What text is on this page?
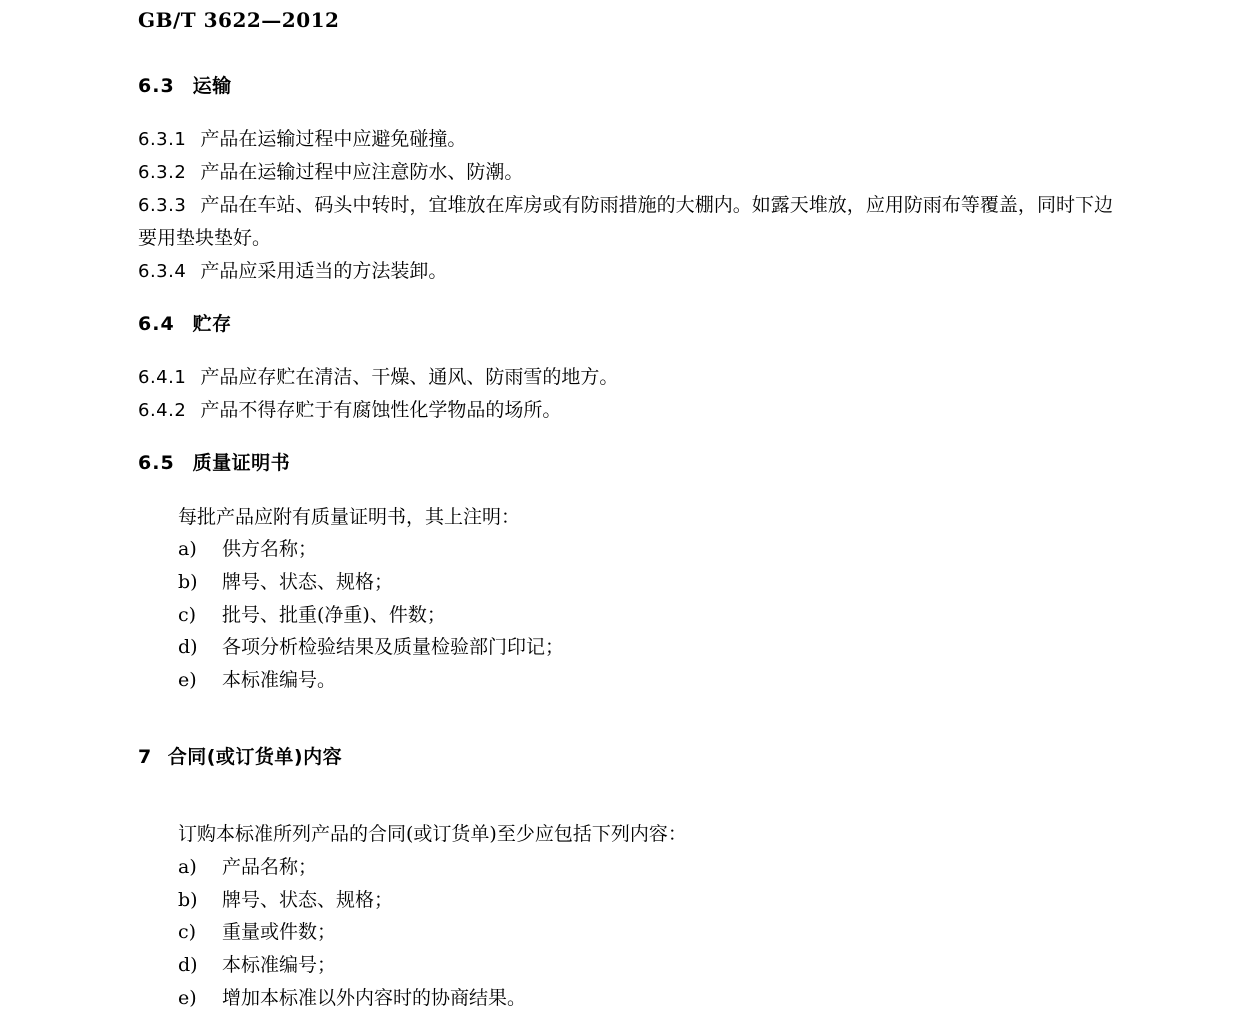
GB/T 3622—2012
6.3 运输

6.3.1 产品在运输过程中应避免碰撞。

6.3.2 产品在运输过程中应注意防水、防潮。

6.3.3 产品在车站、码头中转时，宜堆放在库房或有防雨措施的大棚内。如露天堆放，应用防雨布等覆盖，同时下边要用垫块垫好。

6.3.4 产品应采用适当的方法装卸。

6.4 贮存

6.4.1 产品应存贮在清洁、干燥、通风、防雨雪的地方。

6.4.2 产品不得存贮于有腐蚀性化学物品的场所。

6.5 质量证明书

每批产品应附有质量证明书，其上注明：

a)	供方名称；
b)	牌号、状态、规格；
c)	批号、批重(净重)、件数；
d)	各项分析检验结果及质量检验部门印记；
e)	本标准编号。
7 合同(或订货单)内容

订购本标准所列产品的合同(或订货单)至少应包括下列内容：

a)	产品名称；
b)	牌号、状态、规格；
c)	重量或件数；
d)	本标准编号；
e)	增加本标准以外内容时的协商结果。
